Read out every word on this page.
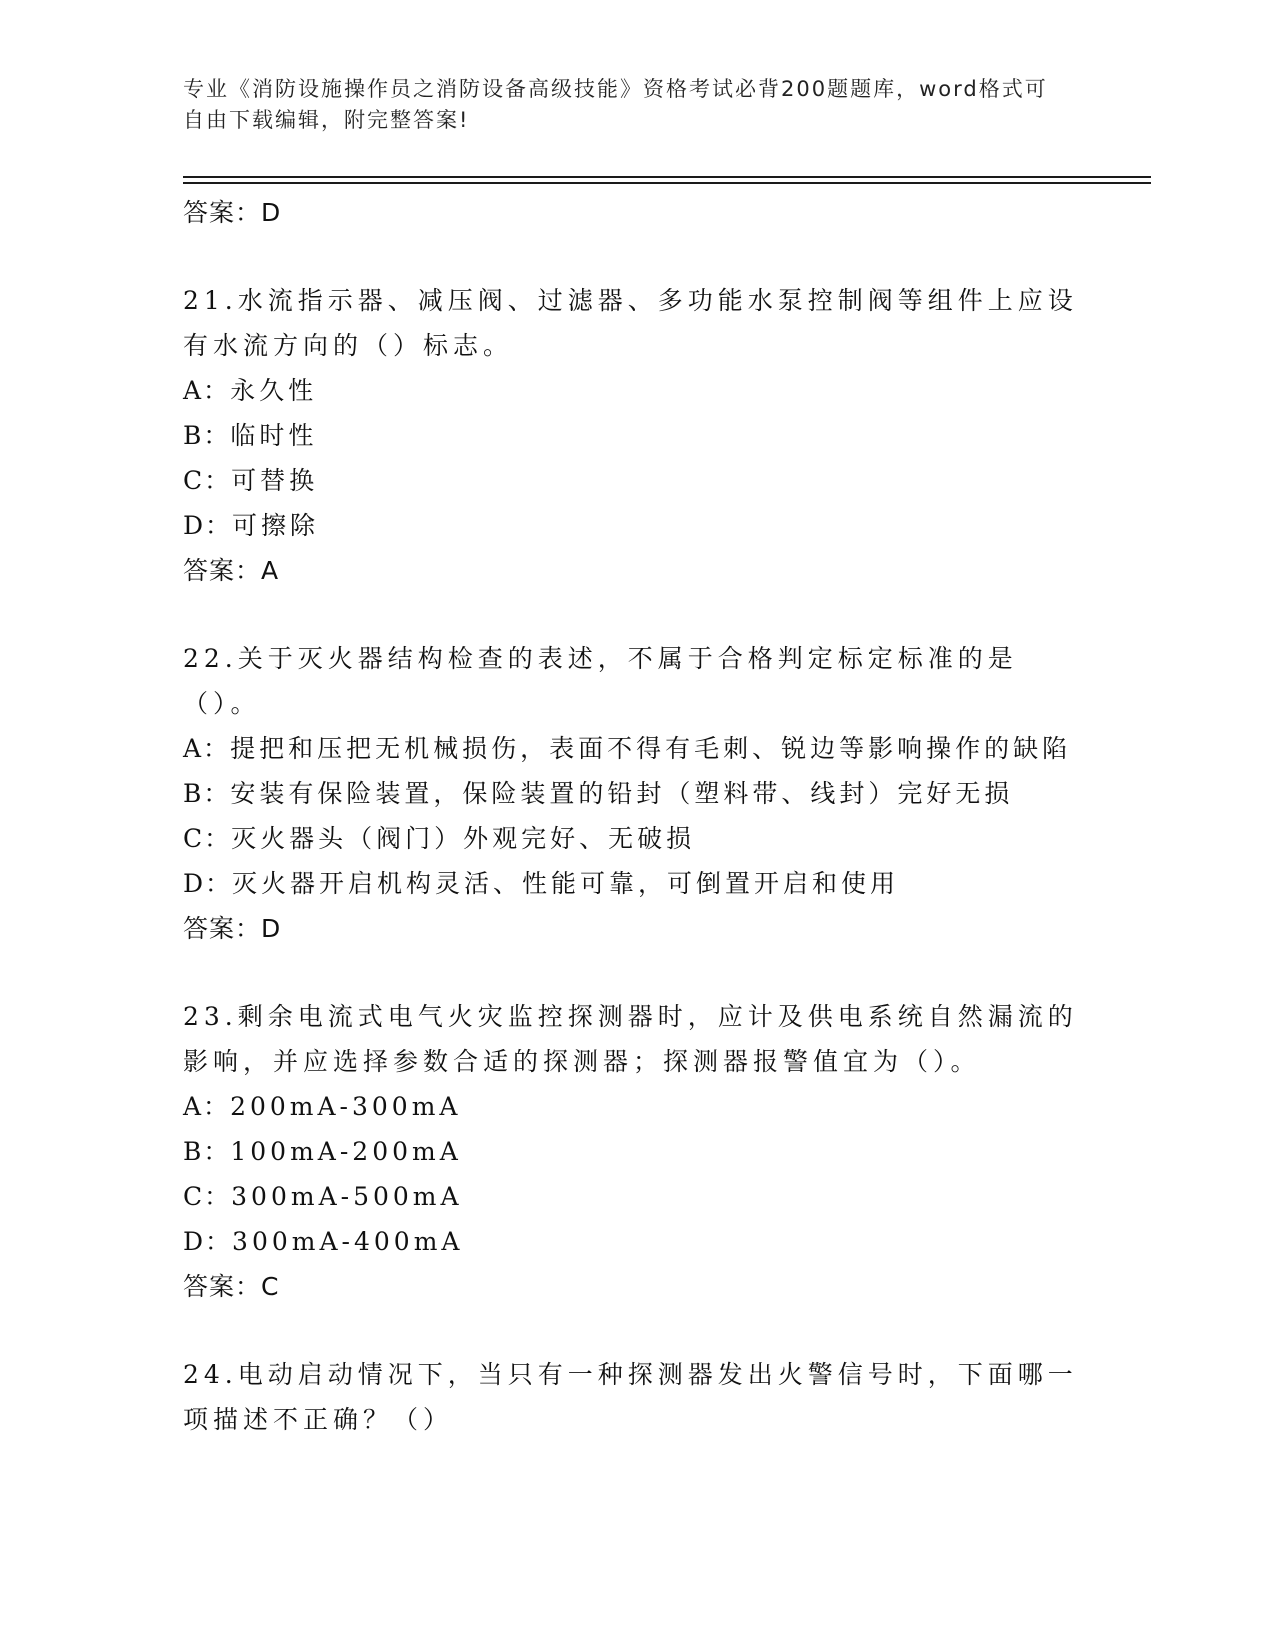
专业《消防设施操作员之消防设备高级技能》资格考试必背200题题库，word格式可自由下载编辑，附完整答案!
答案：D

21.水流指示器、减压阀、过滤器、多功能水泵控制阀等组件上应设有水流方向的（）标志。

A：永久性
B：临时性
C：可替换
D：可擦除
答案：A

22.关于灭火器结构检查的表述，不属于合格判定标定标准的是（）。

A：提把和压把无机械损伤，表面不得有毛刺、锐边等影响操作的缺陷
B：安装有保险装置，保险装置的铅封（塑料带、线封）完好无损
C：灭火器头（阀门）外观完好、无破损
D：灭火器开启机构灵活、性能可靠，可倒置开启和使用
答案：D

23.剩余电流式电气火灾监控探测器时，应计及供电系统自然漏流的影响，并应选择参数合适的探测器；探测器报警值宜为（）。

A：200mA-300mA
B：100mA-200mA
C：300mA-500mA
D：300mA-400mA
答案：C

24.电动启动情况下，当只有一种探测器发出火警信号时，下面哪一项描述不正确？（）
